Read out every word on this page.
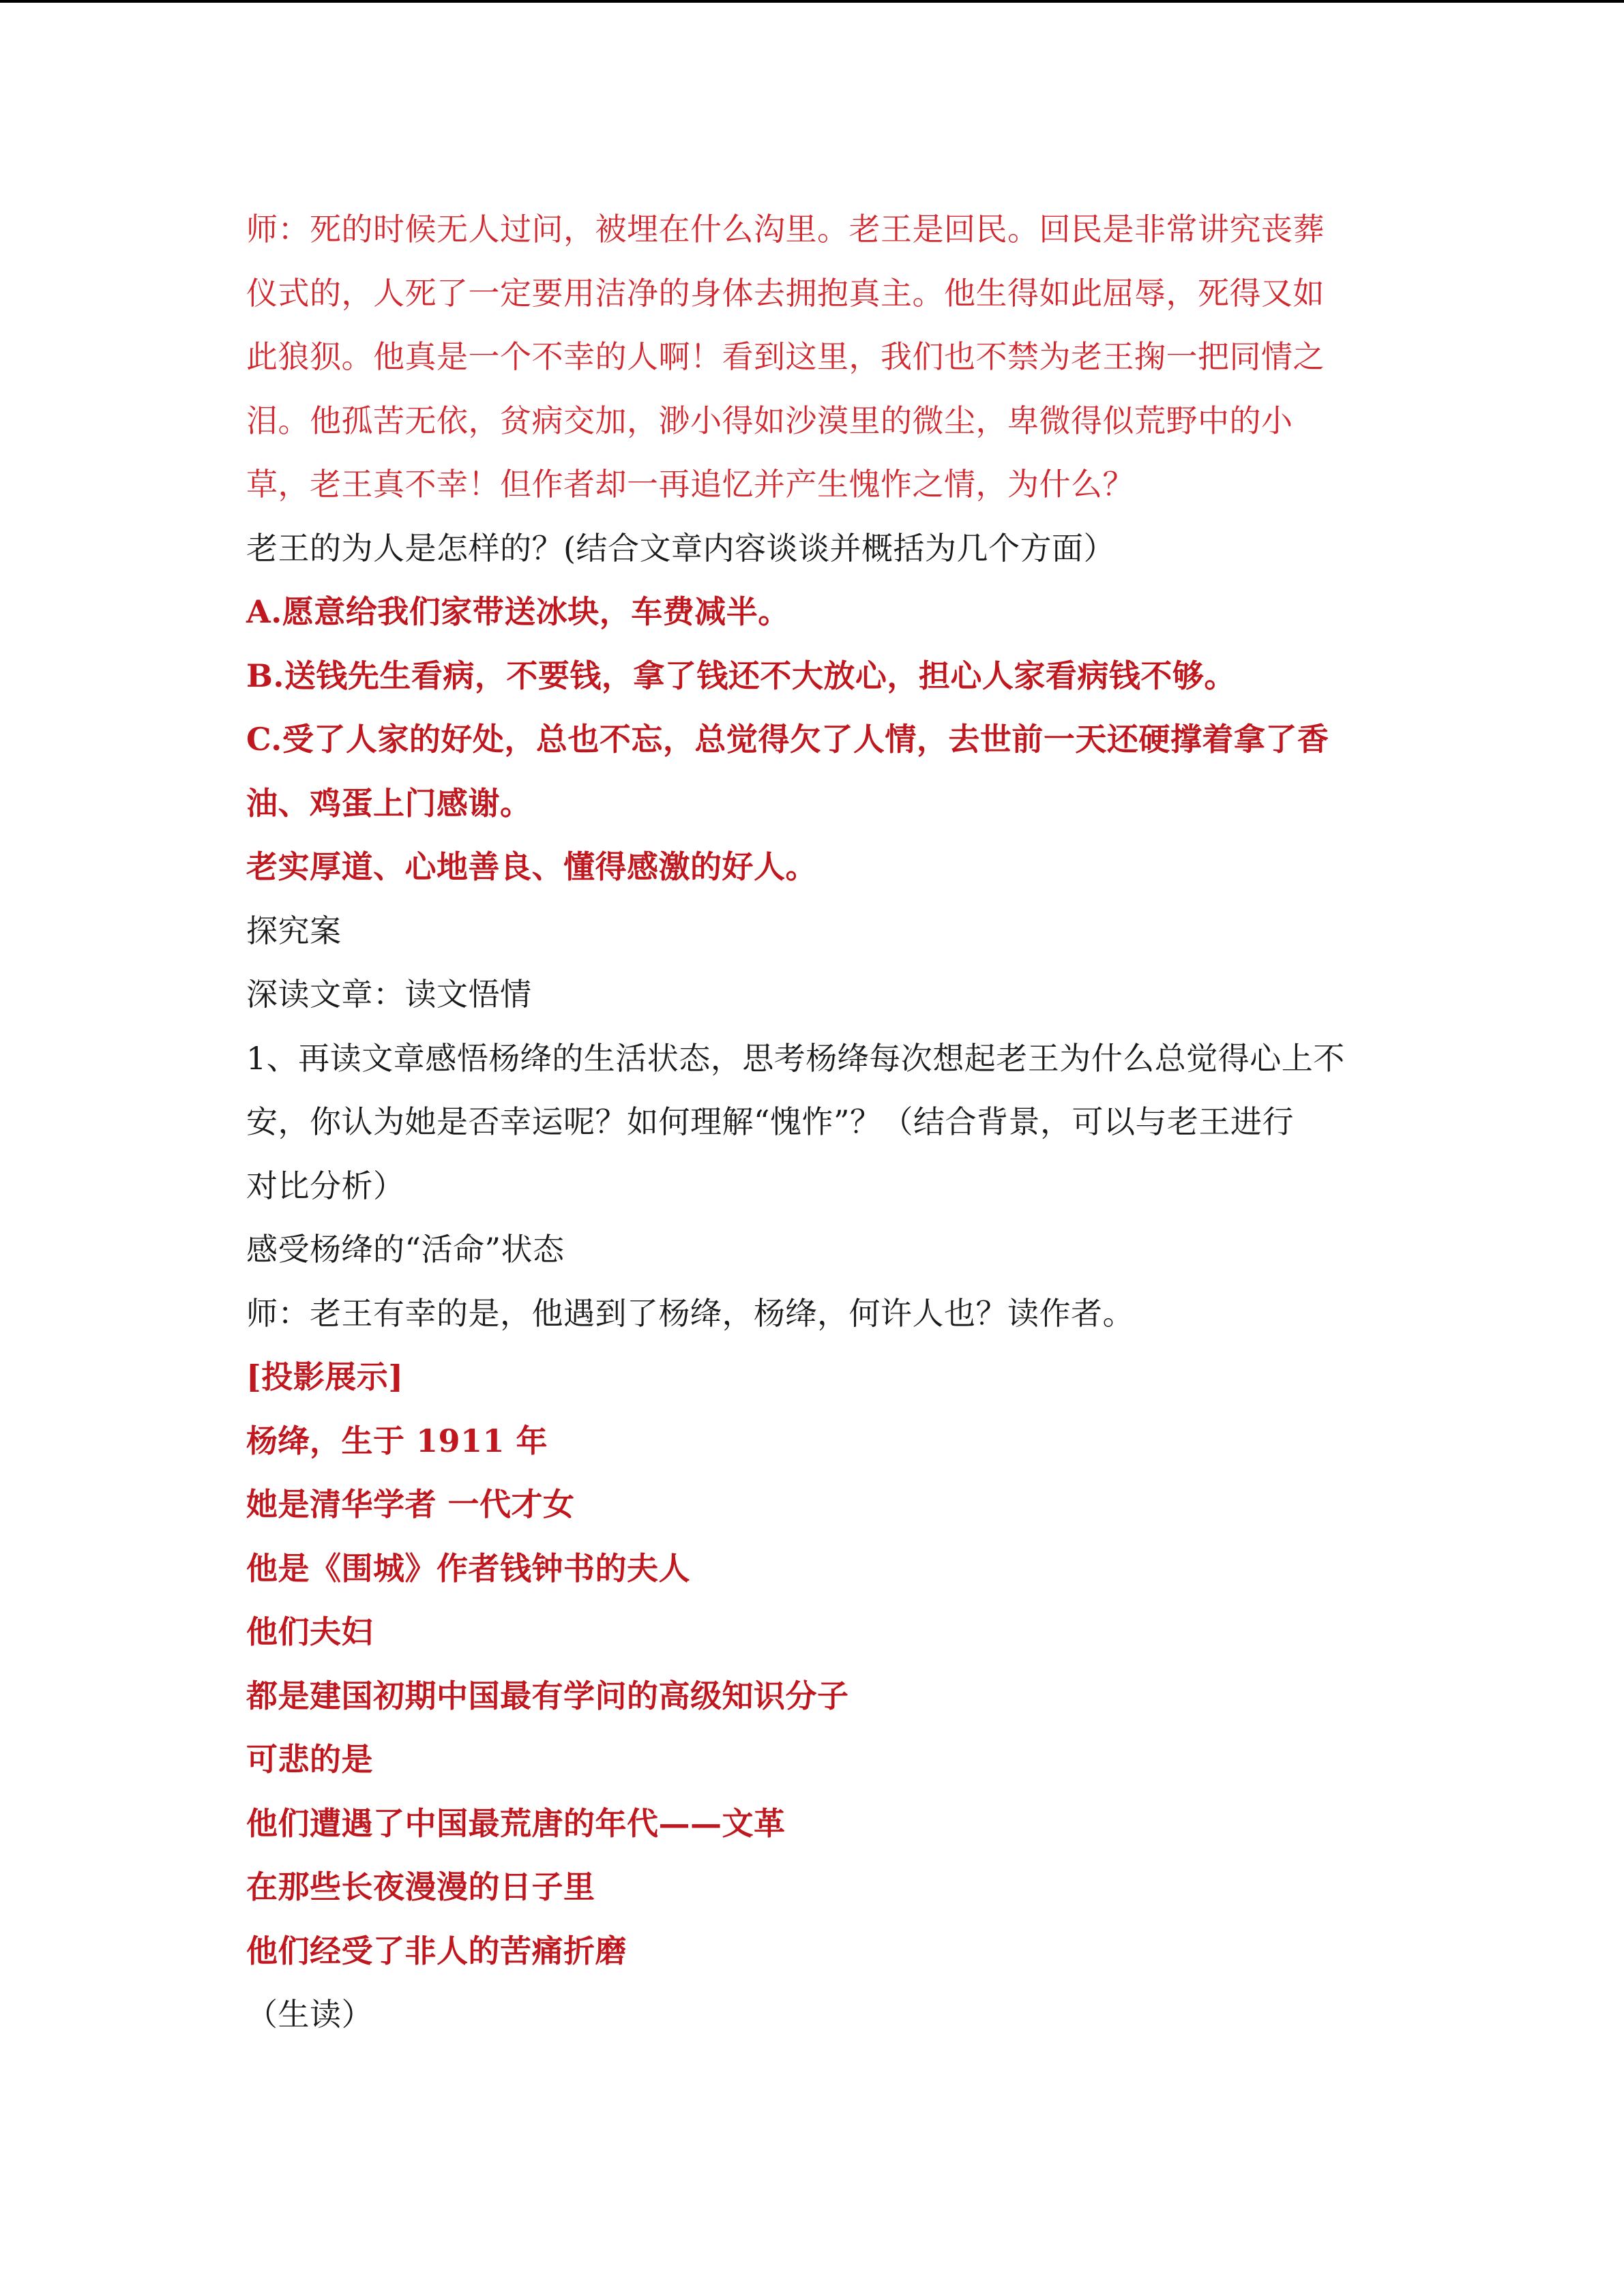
师：死的时候无人过问，被埋在什么沟里。老王是回民。回民是非常讲究丧葬
仪式的，人死了一定要用洁净的身体去拥抱真主。他生得如此屈辱，死得又如
此狼狈。他真是一个不幸的人啊！看到这里，我们也不禁为老王掬一把同情之
泪。他孤苦无依，贫病交加，渺小得如沙漠里的微尘，卑微得似荒野中的小
草，老王真不幸！但作者却一再追忆并产生愧怍之情，为什么？
老王的为人是怎样的？(结合文章内容谈谈并概括为几个方面）
A.愿意给我们家带送冰块，车费减半。
B.送钱先生看病，不要钱，拿了钱还不大放心，担心人家看病钱不够。
C.受了人家的好处，总也不忘，总觉得欠了人情，去世前一天还硬撑着拿了香
油、鸡蛋上门感谢。
老实厚道、心地善良、懂得感激的好人。
探究案
深读文章：读文悟情
1、再读文章感悟杨绛的生活状态，思考杨绛每次想起老王为什么总觉得心上不
安，你认为她是否幸运呢？如何理解“愧怍”？（结合背景，可以与老王进行
对比分析）
感受杨绛的“活命”状态
师：老王有幸的是，他遇到了杨绛，杨绛，何许人也？读作者。
[投影展示]
杨绛，生于 1911 年
她是清华学者 一代才女
他是《围城》作者钱钟书的夫人
他们夫妇
都是建国初期中国最有学问的高级知识分子
可悲的是
他们遭遇了中国最荒唐的年代——文革
在那些长夜漫漫的日子里
他们经受了非人的苦痛折磨
（生读）
